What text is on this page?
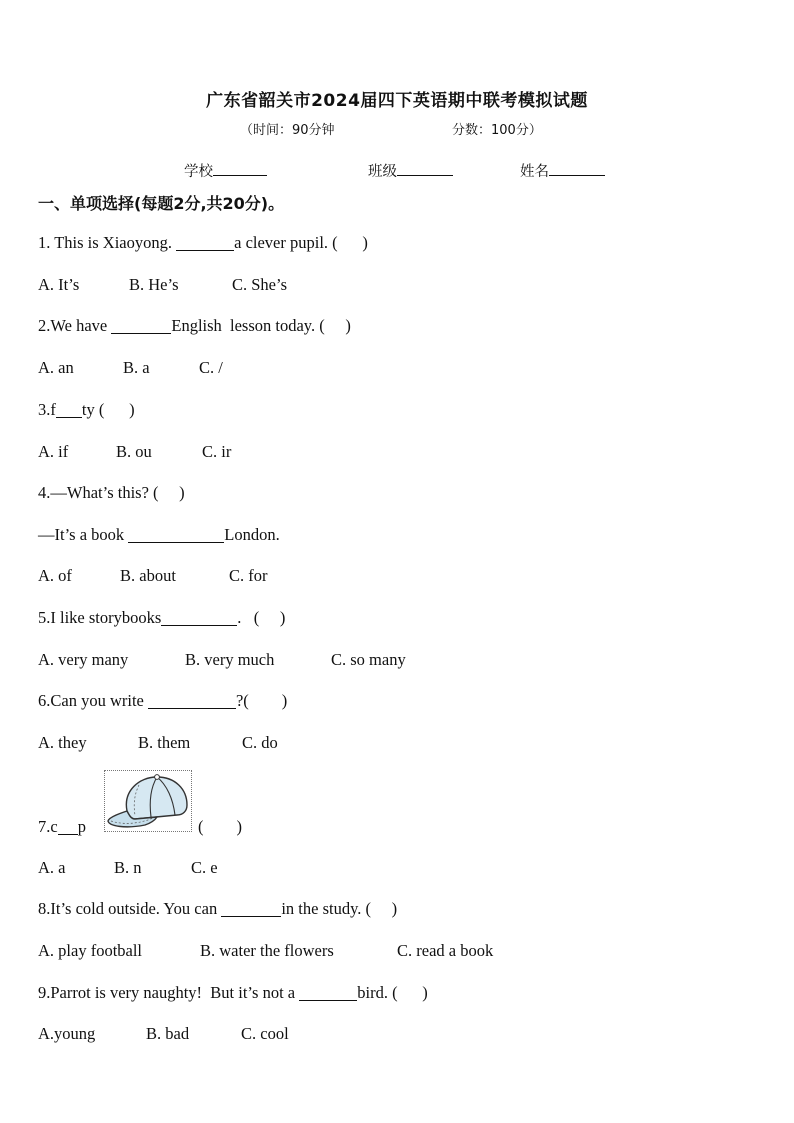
广东省韶关市2024届四下英语期中联考模拟试题
（时间：90分钟	分数：100分）
学校	班级	姓名
一、单项选择(每题2分,共20分)。
1. This is Xiaoyong.	a clever pupil. (      )
A. It’s	B. He’s	C. She’s
2.We have	English  lesson today. (     )
A. an	B. a	C. /
3.f ty (      )
A. if	B. ou	C. ir
4.—What’s this? (     )
—It’s a book	London.
A. of	B. about	C. for
5.I like storybooks	.   (     )
A. very many	B. very much	C. so many
6.Can you write	?(        )
A. they	B. them	C. do
7.c p	(        )
A. a	B. n	C. e
8.It’s cold outside. You can	in the study. (     )
A. play football	B. water the flowers	C. read a book
9.Parrot is very naughty!  But it’s not a	bird. (      )
A.young	B. bad	C. cool
